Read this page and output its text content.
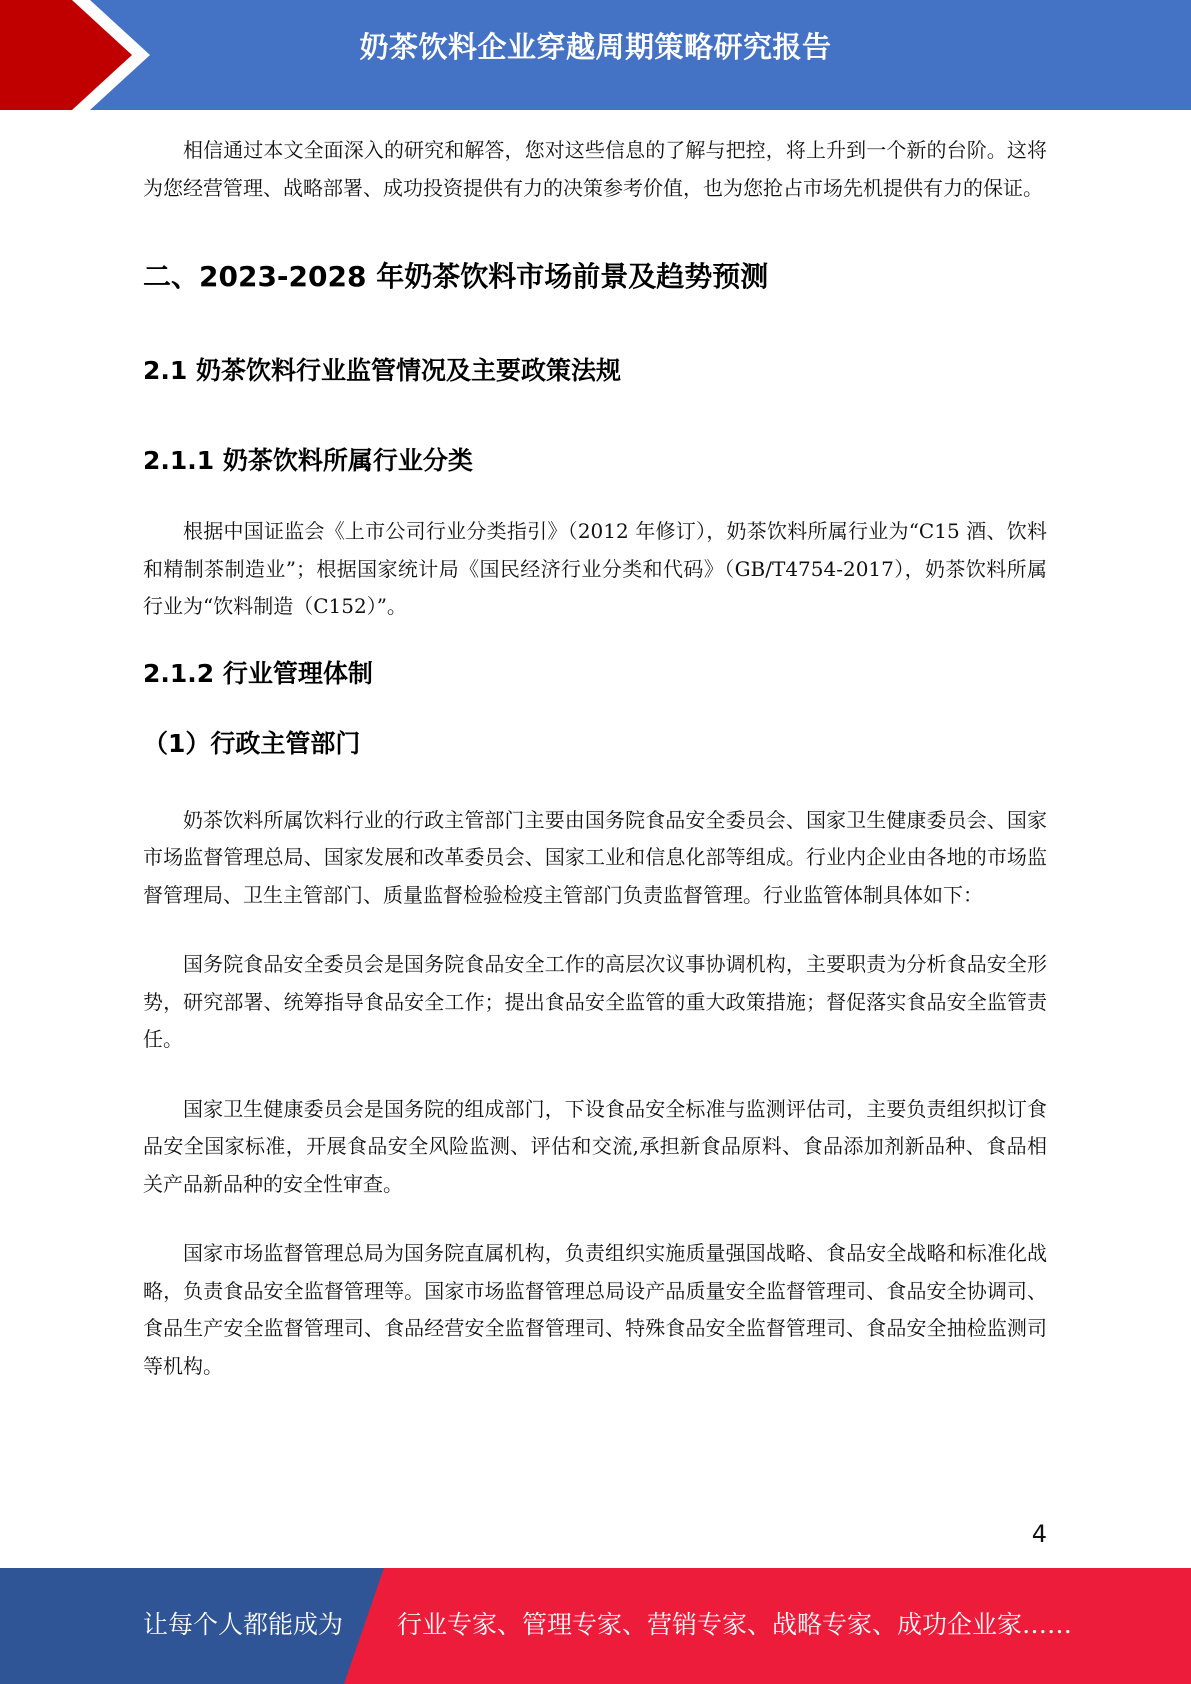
奶茶饮料企业穿越周期策略研究报告

相信通过本文全面深入的研究和解答，您对这些信息的了解与把控，将上升到一个新的台阶。这将为您经营管理、战略部署、成功投资提供有力的决策参考价值，也为您抢占市场先机提供有力的保证。

二、2023-2028 年奶茶饮料市场前景及趋势预测
2.1 奶茶饮料行业监管情况及主要政策法规
2.1.1 奶茶饮料所属行业分类

根据中国证监会《上市公司行业分类指引》（2012 年修订），奶茶饮料所属行业为“C15 酒、饮料和精制茶制造业”；根据国家统计局《国民经济行业分类和代码》（GB/T4754-2017），奶茶饮料所属行业为“饮料制造（C152）”。

2.1.2 行业管理体制
（1）行政主管部门

奶茶饮料所属饮料行业的行政主管部门主要由国务院食品安全委员会、国家卫生健康委员会、国家市场监督管理总局、国家发展和改革委员会、国家工业和信息化部等组成。行业内企业由各地的市场监督管理局、卫生主管部门、质量监督检验检疫主管部门负责监督管理。行业监管体制具体如下：

国务院食品安全委员会是国务院食品安全工作的高层次议事协调机构，主要职责为分析食品安全形势，研究部署、统筹指导食品安全工作；提出食品安全监管的重大政策措施；督促落实食品安全监管责任。

国家卫生健康委员会是国务院的组成部门，下设食品安全标准与监测评估司，主要负责组织拟订食品安全国家标准，开展食品安全风险监测、评估和交流,承担新食品原料、食品添加剂新品种、食品相关产品新品种的安全性审查。

国家市场监督管理总局为国务院直属机构，负责组织实施质量强国战略、食品安全战略和标准化战略，负责食品安全监督管理等。国家市场监督管理总局设产品质量安全监督管理司、食品安全协调司、食品生产安全监督管理司、食品经营安全监督管理司、特殊食品安全监督管理司、食品安全抽检监测司等机构。

4
让每个人都能成为 行业专家、管理专家、营销专家、战略专家、成功企业家……
